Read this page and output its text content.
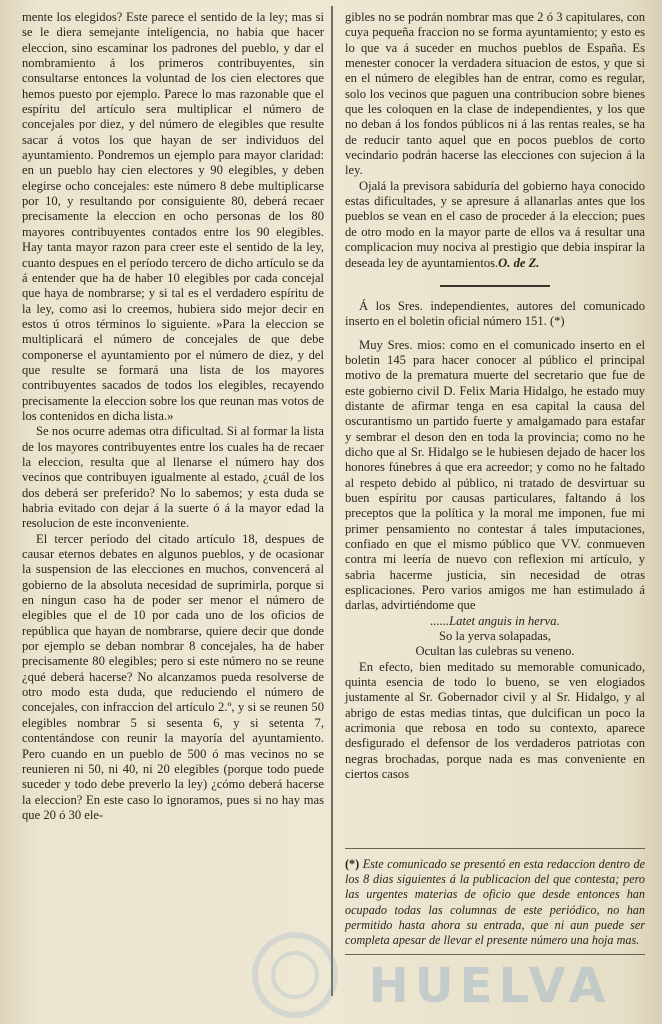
mente los elegidos? Este parece el sentido de la ley; mas si se le diera semejante inteligencia, no habia que hacer eleccion, sino escaminar los padrones del pueblo, y dar el nombramiento á los primeros contribuyentes, sin consultarse entonces la voluntad de los cien electores que hemos puesto por ejemplo. Parece lo mas razonable que el espíritu del artículo sera multiplicar el número de concejales por diez, y del número de elegibles que resulte sacar á votos los que hayan de ser individuos del ayuntamiento. Pondremos un ejemplo para mayor claridad: en un pueblo hay cien electores y 90 elegibles, y deben elegirse ocho concejales: este número 8 debe multiplicarse por 10, y resultando por consiguiente 80, deberá recaer precisamente la eleccion en ocho personas de los 80 mayores contribuyentes contados entre los 90 elegibles. Hay tanta mayor razon para creer este el sentido de la ley, cuanto despues en el período tercero de dicho artículo se da á entender que ha de haber 10 elegibles por cada concejal que haya de nombrarse; y si tal es el verdadero espíritu de la ley, como asi lo creemos, hubiera sido mejor decir en estos ú otros términos lo siguiente. »Para la eleccion se multiplicará el número de concejales de que debe componerse el ayuntamiento por el número de diez, y del que resulte se formará una lista de los mayores contribuyentes sacados de todos los elegibles, recayendo precisamente la eleccion sobre los que reunan mas votos de los contenidos en dicha lista.»

Se nos ocurre ademas otra dificultad. Si al formar la lista de los mayores contribuyentes entre los cuales ha de recaer la eleccion, resulta que al llenarse el número hay dos vecinos que contribuyen igualmente al estado, ¿cuál de los dos deberá ser preferido? No lo sabemos; y esta duda se habria evitado con dejar á la suerte ó á la mayor edad la resolucion de este inconveniente.

El tercer período del citado artículo 18, despues de causar eternos debates en algunos pueblos, y de ocasionar la suspension de las elecciones en muchos, convencerá al gobierno de la absoluta necesidad de suprimirla, porque si en ningun caso ha de poder ser menor el número de elegibles que el de 10 por cada uno de los oficios de república que hayan de nombrarse, quiere decir que donde por ejemplo se deban nombrar 8 concejales, ha de haber precisamente 80 elegibles; pero si este número no se reune ¿qué deberá hacerse? No alcanzamos pueda resolverse de otro modo esta duda, que reduciendo el número de concejales, con infraccion del artículo 2.º, y si se reunen 50 elegibles nombrar 5 si sesenta 6, y si setenta 7, contentándose con reunir la mayoría del ayuntamiento. Pero cuando en un pueblo de 500 ó mas vecinos no se reunieren ni 50, ni 40, ni 20 elegibles (porque todo puede suceder y todo debe preverlo la ley) ¿cómo deberá hacerse la eleccion? En este caso lo ignoramos, pues si no hay mas que 20 ó 30 ele-

gibles no se podrán nombrar mas que 2 ó 3 capitulares, con cuya pequeña fraccion no se forma ayuntamiento; y esto es lo que va á suceder en muchos pueblos de España. Es menester conocer la verdadera situacion de estos, y que si en el número de elegibles han de entrar, como es regular, solo los vecinos que paguen una contribucion sobre bienes que les coloquen en la clase de independientes, y los que no deban á los fondos públicos ni á las rentas reales, se ha de reducir tanto aquel que en pocos pueblos de corto vecindario podrán hacerse las elecciones con sujecion á la ley.

Ojalá la previsora sabiduría del gobierno haya conocido estas dificultades, y se apresure á allanarlas antes que los pueblos se vean en el caso de proceder á la eleccion; pues de otro modo en la mayor parte de ellos va á resultar una complicacion muy nociva al prestigio que debia inspirar la deseada ley de ayuntamientos.O. de Z.

Á los Sres. independientes, autores del comunicado inserto en el boletin oficial número 151. (*)

Muy Sres. mios: como en el comunicado inserto en el boletin 145 para hacer conocer al público el principal motivo de la prematura muerte del secretario que fue de este gobierno civil D. Felix Maria Hidalgo, he estado muy distante de afirmar tenga en esa capital la causa del oscurantismo un partido fuerte y amalgamado para estafar y sembrar el deson den en toda la provincia; como no he dicho que al Sr. Hidalgo se le hubiesen dejado de hacer los honores fúnebres á que era acreedor; y como no he faltado al respeto debido al público, ni tratado de desvirtuar su buen espíritu por causas particulares, faltando á los preceptos que la política y la moral me imponen, fue mi primer pensamiento no contestar á tales imputaciones, confiado en que el mismo público que VV. conmueven contra mi leería de nuevo con reflexion mi artículo, y sabria hacerme justicia, sin necesidad de otras esplicaciones. Pero varios amigos me han estimulado á darlas, advirtiéndome que

......Latet anguis in herva.

So la yerva solapadas,

Ocultan las culebras su veneno.

En efecto, bien meditado su memorable comunicado, quinta esencia de todo lo bueno, se ven elogiados justamente al Sr. Gobernador civil y al Sr. Hidalgo, y al abrigo de estas medias tintas, que dulcifican un poco la acrimonia que rebosa en todo su contexto, aparece desfigurado el defensor de los verdaderos patriotas con negras brochadas, porque nada es mas conveniente en ciertos casos

(*) Este comunicado se presentó en esta redaccion dentro de los 8 dias siguientes á la publicacion del que contesta; pero las urgentes materias de oficio que desde entonces han ocupado todas las columnas de este periódico, no han permitido hasta ahora su entrada, que ni aun puede ser completa apesar de llevar el presente número una hoja mas.
HUELVA
